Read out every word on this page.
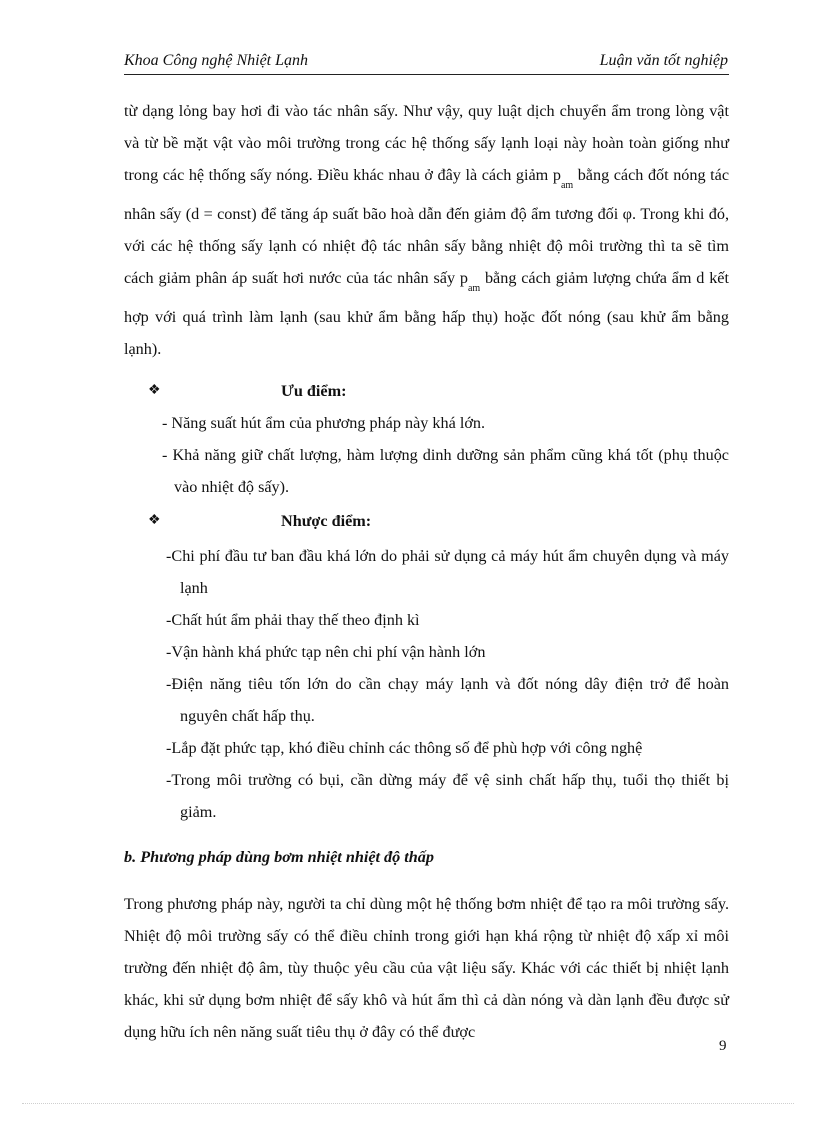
Khoa Công nghệ Nhiệt Lạnh	Luận văn tốt nghiệp

từ dạng lỏng bay hơi đi vào tác nhân sấy. Như vậy, quy luật dịch chuyển ẩm trong lòng vật và từ bề mặt vật vào môi trường trong các hệ thống sấy lạnh loại này hoàn toàn giống như trong các hệ thống sấy nóng. Điều khác nhau ở đây là cách giảm $p_{am}$ bằng cách đốt nóng tác nhân sấy (d = const) để tăng áp suất bão hoà dẫn đến giảm độ ẩm tương đối φ. Trong khi đó, với các hệ thống sấy lạnh có nhiệt độ tác nhân sấy bằng nhiệt độ môi trường thì ta sẽ tìm cách giảm phân áp suất hơi nước của tác nhân sấy $p_{am}$ bằng cách giảm lượng chứa ẩm d kết hợp với quá trình làm lạnh (sau khử ẩm bằng hấp thụ) hoặc đốt nóng (sau khử ẩm bằng lạnh).

❖	Ưu điểm:
- Năng suất hút ẩm của phương pháp này khá lớn.
- Khả năng giữ chất lượng, hàm lượng dinh dưỡng sản phẩm cũng khá tốt (phụ thuộc vào nhiệt độ sấy).
❖	Nhược điểm:
-Chi phí đầu tư ban đầu khá lớn do phải sử dụng cả máy hút ẩm chuyên dụng và máy lạnh
-Chất hút ẩm phải thay thế theo định kì
-Vận hành khá phức tạp nên chi phí vận hành lớn
-Điện năng tiêu tốn lớn do cần chạy máy lạnh và đốt nóng dây điện trở để hoàn nguyên chất hấp thụ.
-Lắp đặt phức tạp, khó điều chỉnh các thông số để phù hợp với công nghệ
-Trong môi trường có bụi, cần dừng máy để vệ sinh chất hấp thụ, tuổi thọ thiết bị giảm.

b. Phương pháp dùng bơm nhiệt nhiệt độ thấp

Trong phương pháp này, người ta chỉ dùng một hệ thống bơm nhiệt để tạo ra môi trường sấy. Nhiệt độ môi trường sấy có thể điều chỉnh trong giới hạn khá rộng từ nhiệt độ xấp xỉ môi trường đến nhiệt độ âm, tùy thuộc yêu cầu của vật liệu sấy. Khác với các thiết bị nhiệt lạnh khác, khi sử dụng bơm nhiệt để sấy khô và hút ẩm thì cả dàn nóng và dàn lạnh đều được sử dụng hữu ích nên năng suất tiêu thụ ở đây có thể được

9
